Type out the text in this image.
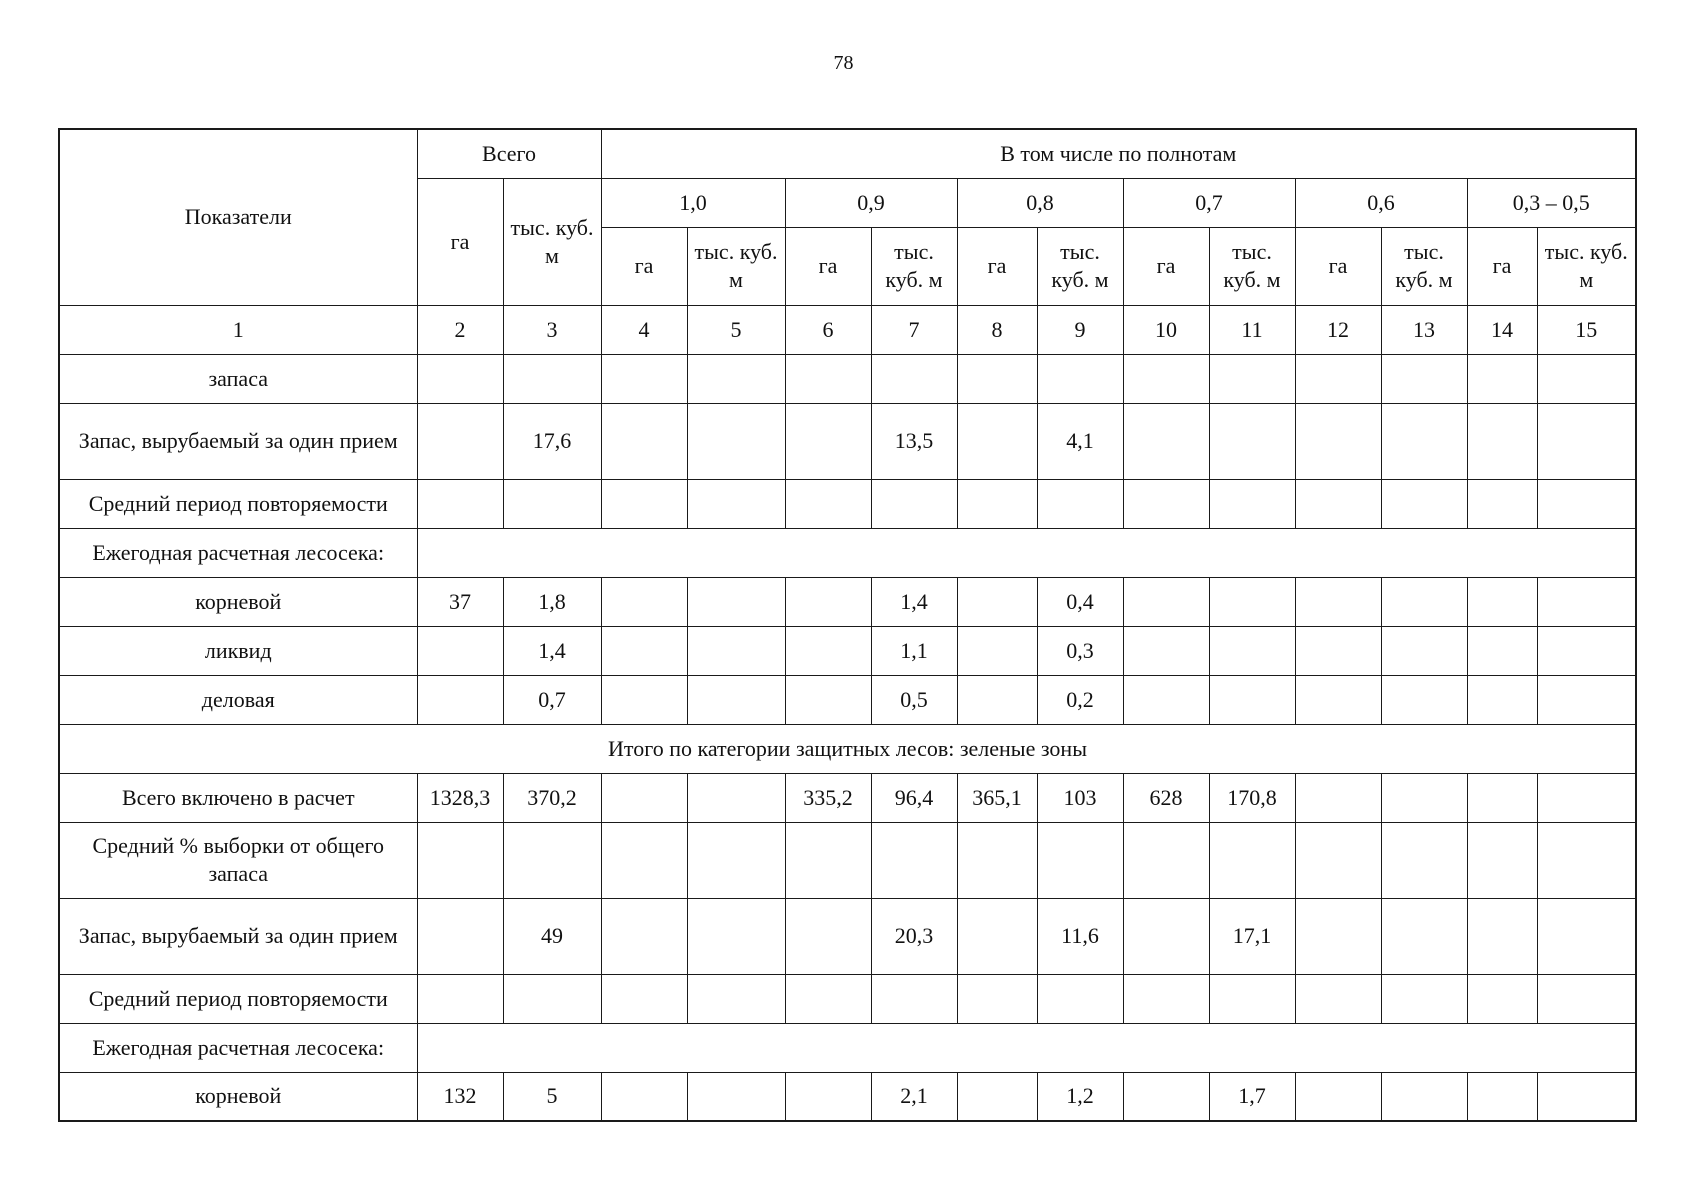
78
Показатели	Всего		В том числе по полнотам											
	га	тыс. куб. м	1,0		0,9		0,8		0,7		0,6		0,3 – 0,5	
			га	тыс. куб. м	га	тыс. куб. м	га	тыс. куб. м	га	тыс. куб. м	га	тыс. куб. м	га	тыс. куб. м
1	2	3	4	5	6	7	8	9	10	11	12	13	14	15
запаса														
Запас, вырубаемый за один прием		17,6				13,5		4,1						
Средний период повторяемости														
Ежегодная расчетная лесосека:														
корневой	37	1,8				1,4		0,4						
ликвид		1,4				1,1		0,3						
деловая		0,7				0,5		0,2						
Итого по категории защитных лесов: зеленые зоны														
Всего включено в расчет	1328,3	370,2			335,2	96,4	365,1	103	628	170,8				
Средний % выборки от общего запаса														
Запас, вырубаемый за один прием		49				20,3		11,6		17,1				
Средний период повторяемости														
Ежегодная расчетная лесосека:														
корневой	132	5				2,1		1,2		1,7				
